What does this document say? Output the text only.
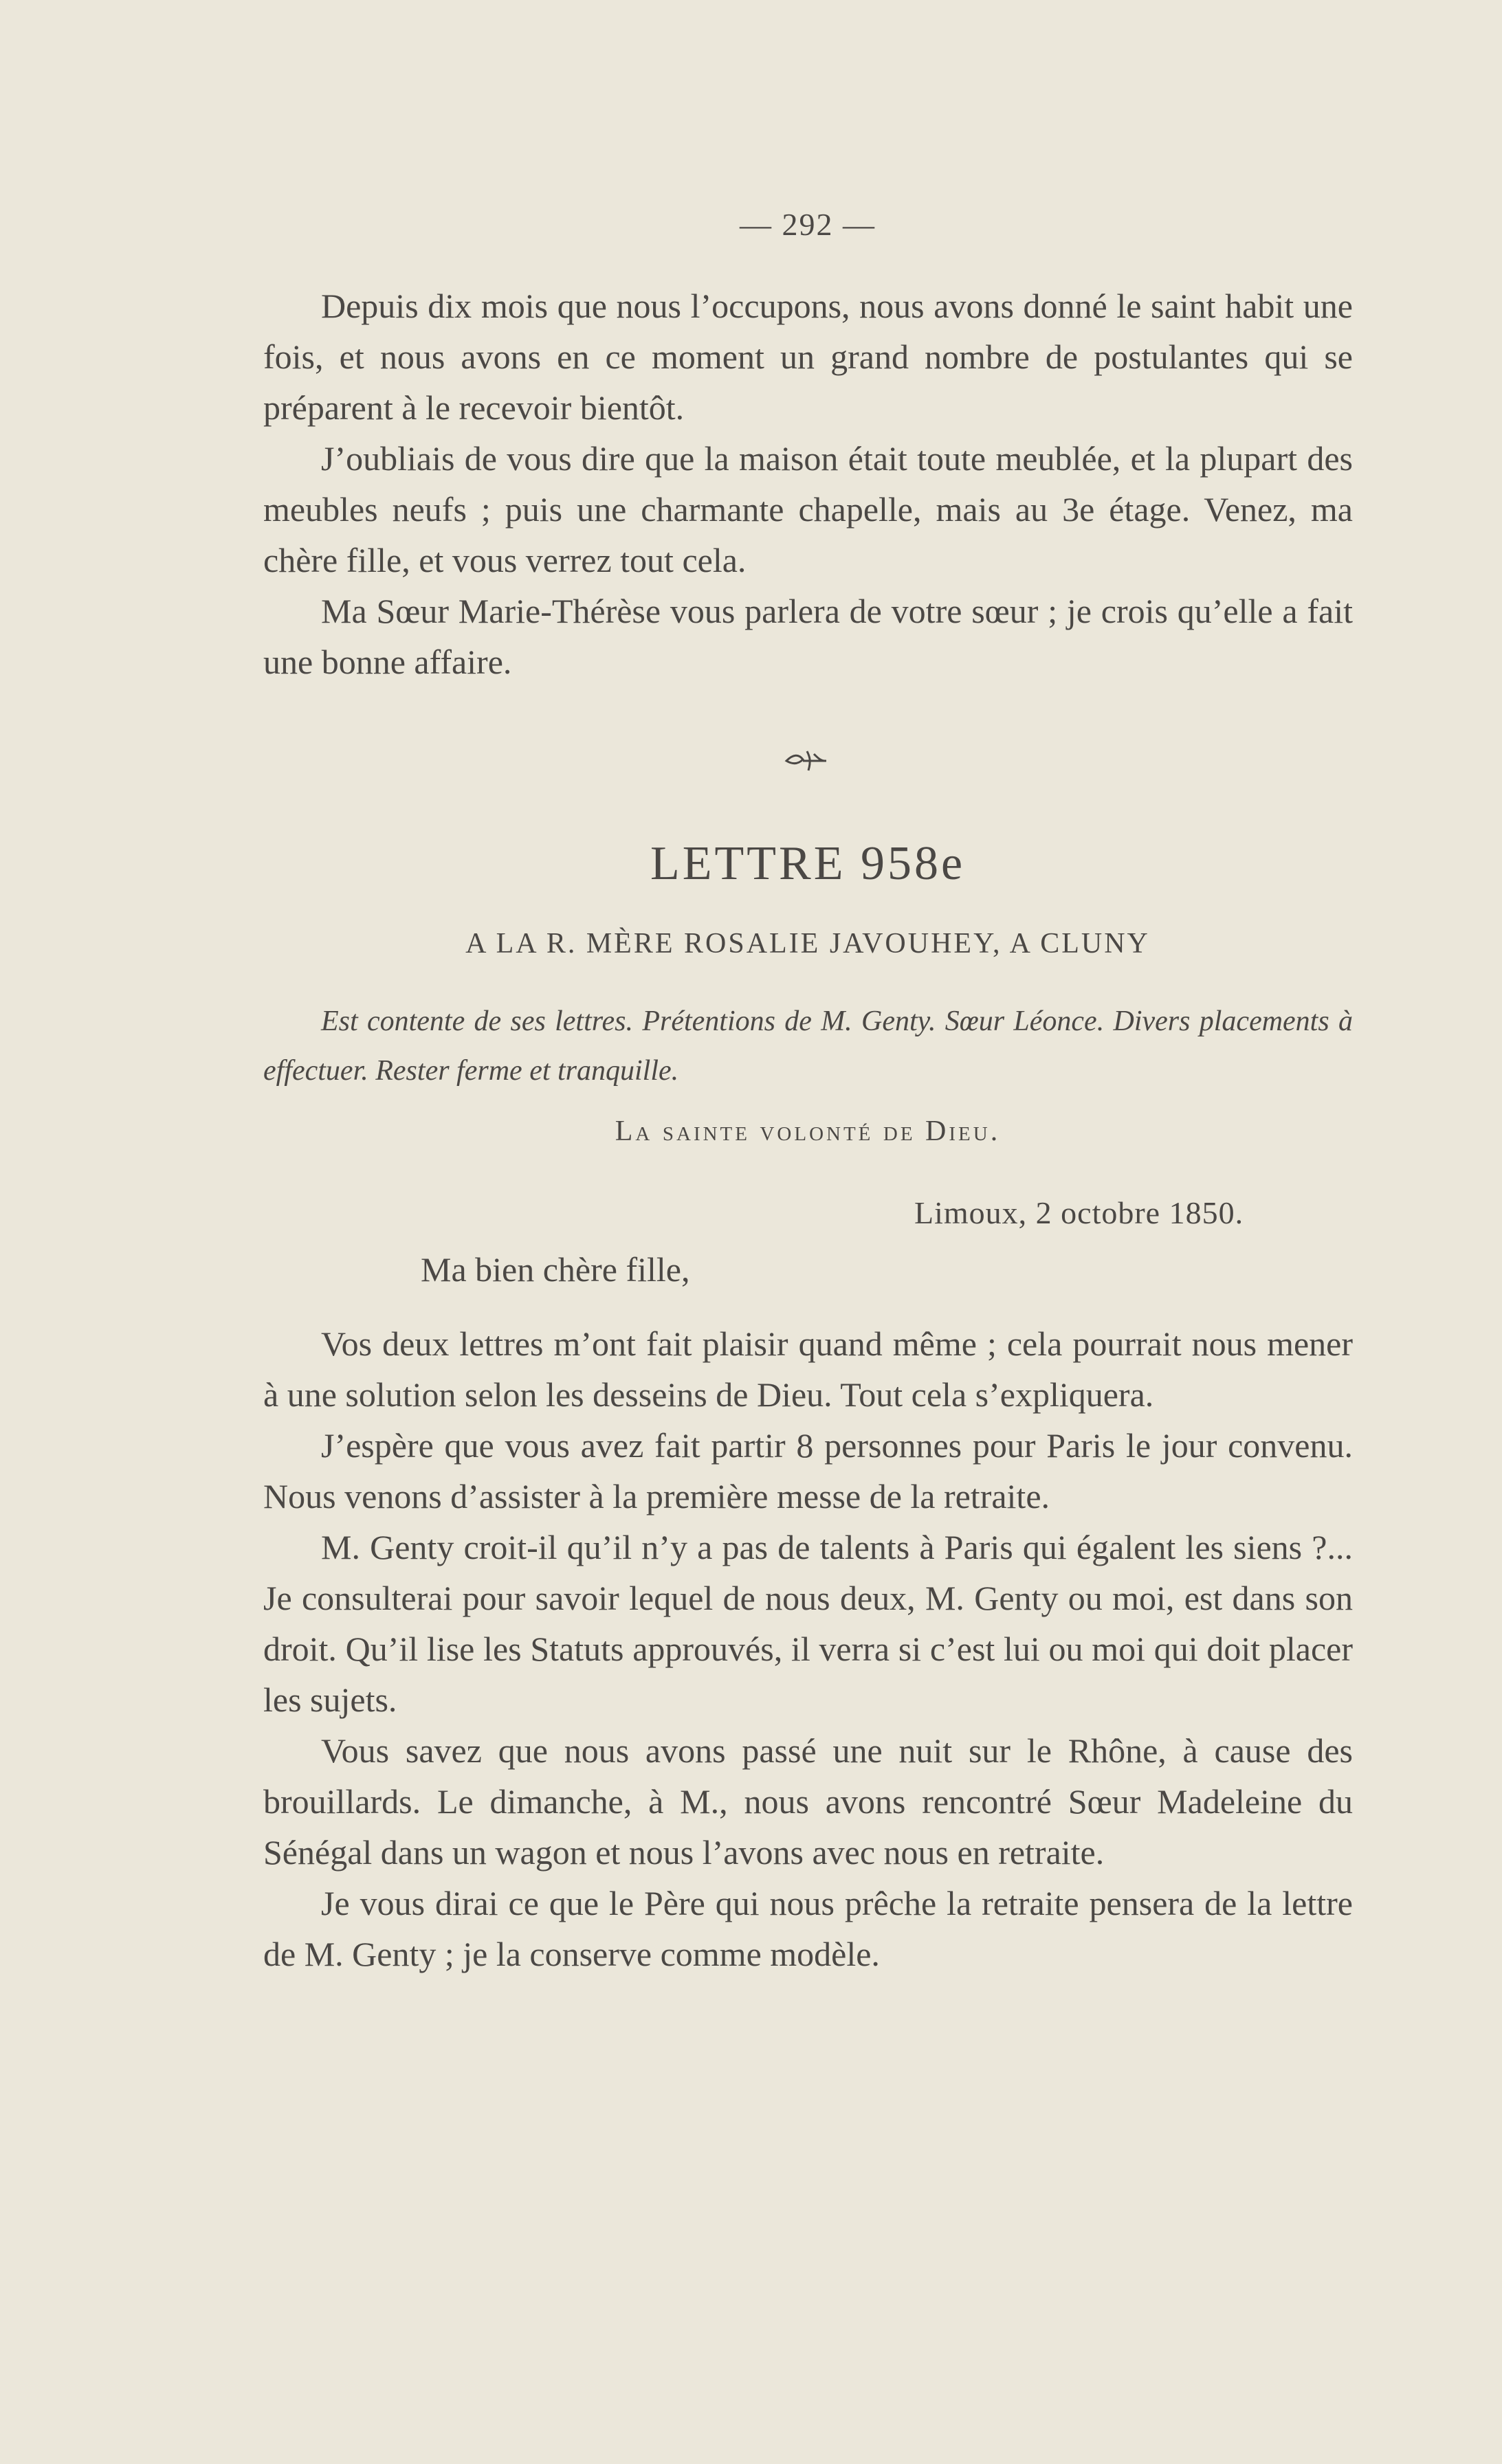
— 292 —

Depuis dix mois que nous l’occupons, nous avons donné le saint habit une fois, et nous avons en ce moment un grand nombre de postulantes qui se préparent à le recevoir bientôt.

J’oubliais de vous dire que la maison était toute meublée, et la plupart des meubles neufs ; puis une charmante chapelle, mais au 3e étage. Venez, ma chère fille, et vous verrez tout cela.

Ma Sœur Marie-Thérèse vous parlera de votre sœur ; je crois qu’elle a fait une bonne affaire.

LETTRE 958e
A LA R. MÈRE ROSALIE JAVOUHEY, A CLUNY

Est contente de ses lettres. Prétentions de M. Genty. Sœur Léonce. Divers placements à effectuer. Rester ferme et tranquille.

La sainte volonté de Dieu.
Limoux, 2 octobre 1850.
Ma bien chère fille,

Vos deux lettres m’ont fait plaisir quand même ; cela pourrait nous mener à une solution selon les desseins de Dieu. Tout cela s’expliquera.

J’espère que vous avez fait partir 8 personnes pour Paris le jour convenu. Nous venons d’assister à la première messe de la retraite.

M. Genty croit-il qu’il n’y a pas de talents à Paris qui égalent les siens ?... Je consulterai pour savoir lequel de nous deux, M. Genty ou moi, est dans son droit. Qu’il lise les Statuts approuvés, il verra si c’est lui ou moi qui doit placer les sujets.

Vous savez que nous avons passé une nuit sur le Rhône, à cause des brouillards. Le dimanche, à M., nous avons rencontré Sœur Madeleine du Sénégal dans un wagon et nous l’avons avec nous en retraite.

Je vous dirai ce que le Père qui nous prêche la retraite pensera de la lettre de M. Genty ; je la conserve comme modèle.
